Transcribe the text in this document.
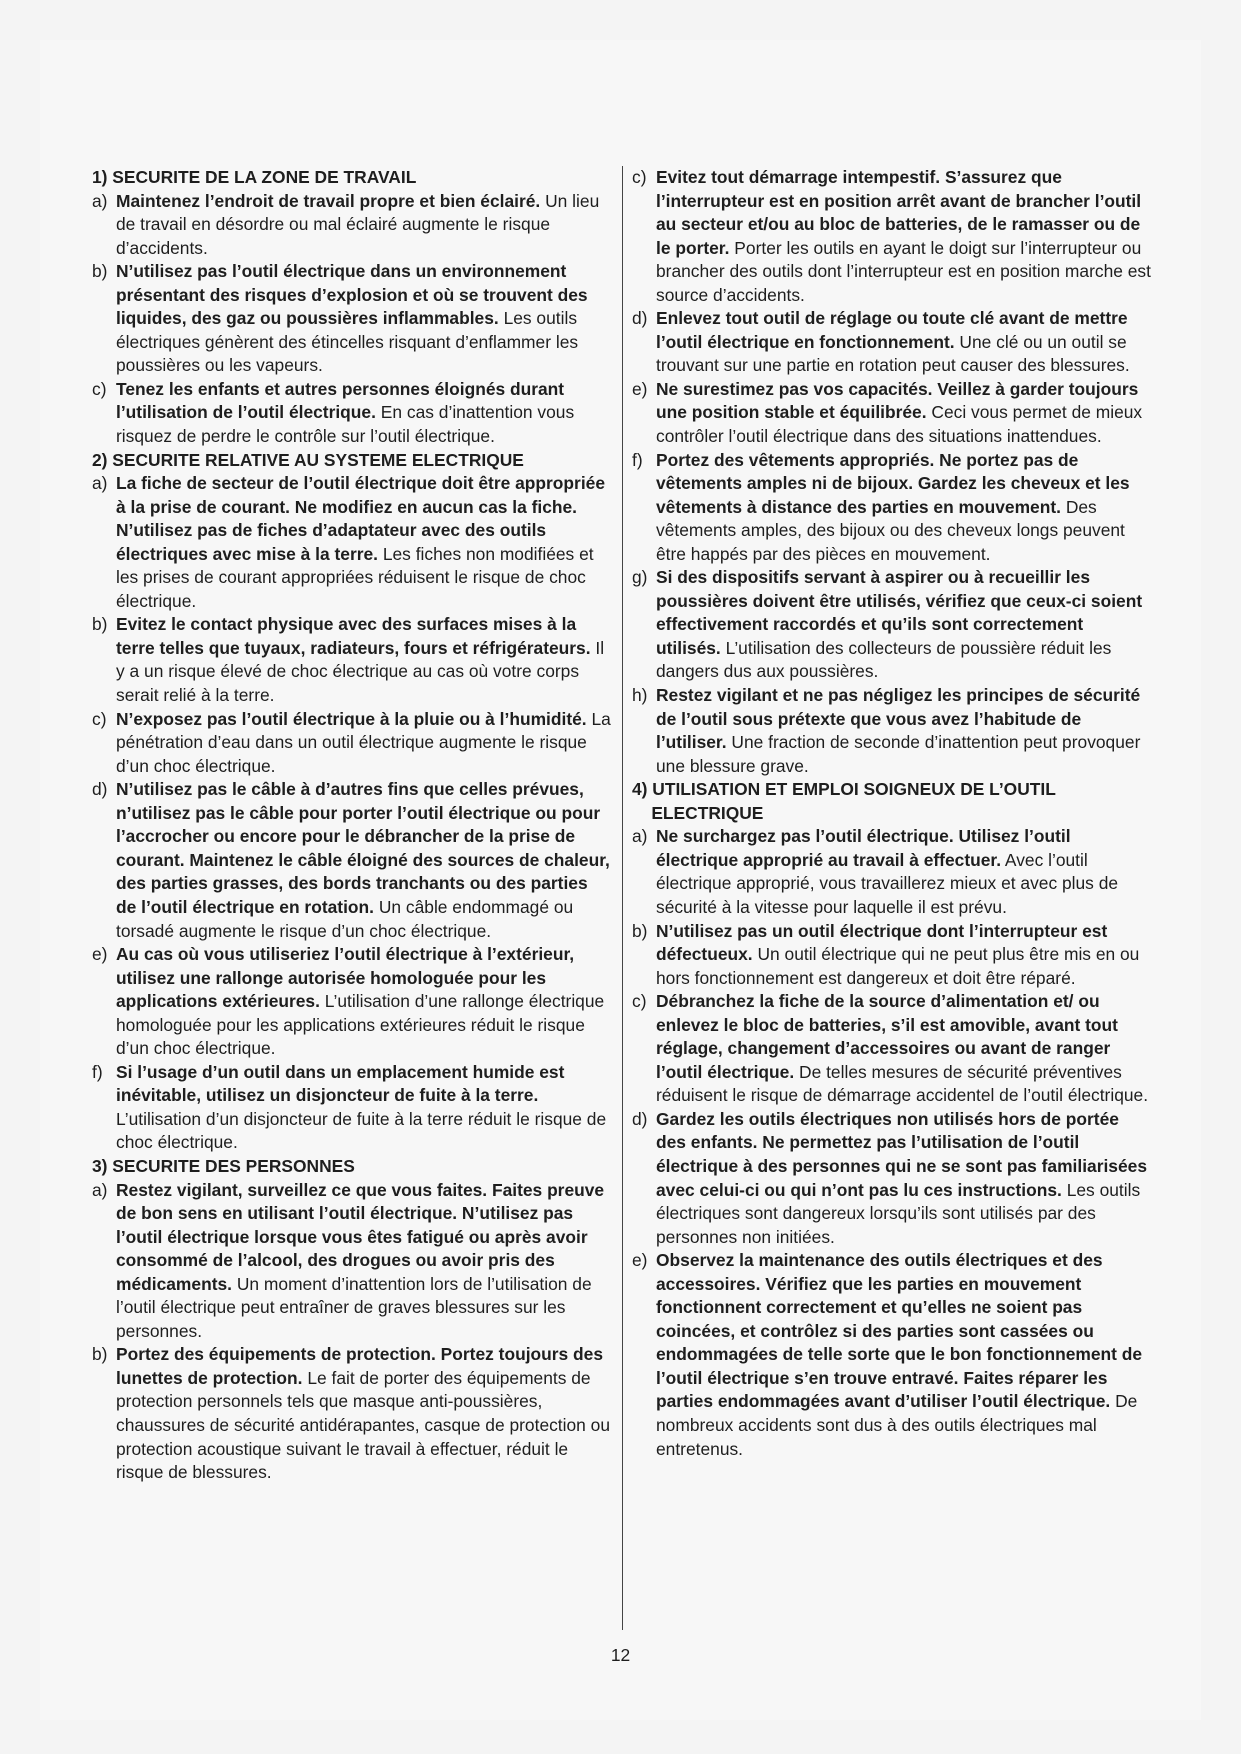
1) SECURITE DE LA ZONE DE TRAVAIL
a) Maintenez l’endroit de travail propre et bien éclairé. Un lieu de travail en désordre ou mal éclairé augmente le risque d’accidents.
b) N’utilisez pas l’outil électrique dans un environnement présentant des risques d’explosion et où se trouvent des liquides, des gaz ou poussières inflammables. Les outils électriques génèrent des étincelles risquant d’enflammer les poussières ou les vapeurs.
c) Tenez les enfants et autres personnes éloignés durant l’utilisation de l’outil électrique. En cas d’inattention vous risquez de perdre le contrôle sur l’outil électrique.
2) SECURITE RELATIVE AU SYSTEME ELECTRIQUE
a) La fiche de secteur de l’outil électrique doit être appropriée à la prise de courant. Ne modifiez en aucun cas la fiche. N’utilisez pas de fiches d’adaptateur avec des outils électriques avec mise à la terre. Les fiches non modifiées et les prises de courant appropriées réduisent le risque de choc électrique.
b) Evitez le contact physique avec des surfaces mises à la terre telles que tuyaux, radiateurs, fours et réfrigérateurs. Il y a un risque élevé de choc électrique au cas où votre corps serait relié à la terre.
c) N’exposez pas l’outil électrique à la pluie ou à l’humidité. La pénétration d’eau dans un outil électrique augmente le risque d’un choc électrique.
d) N’utilisez pas le câble à d’autres fins que celles prévues, n’utilisez pas le câble pour porter l’outil électrique ou pour l’accrocher ou encore pour le débrancher de la prise de courant. Maintenez le câble éloigné des sources de chaleur, des parties grasses, des bords tranchants ou des parties de l’outil électrique en rotation. Un câble endommagé ou torsadé augmente le risque d’un choc électrique.
e) Au cas où vous utiliseriez l’outil électrique à l’extérieur, utilisez une rallonge autorisée homologuée pour les applications extérieures. L’utilisation d’une rallonge électrique homologuée pour les applications extérieures réduit le risque d’un choc électrique.
f) Si l’usage d’un outil dans un emplacement humide est inévitable, utilisez un disjoncteur de fuite à la terre. L’utilisation d’un disjoncteur de fuite à la terre réduit le risque de choc électrique.
3) SECURITE DES PERSONNES
a) Restez vigilant, surveillez ce que vous faites. Faites preuve de bon sens en utilisant l’outil électrique. N’utilisez pas l’outil électrique lorsque vous êtes fatigué ou après avoir consommé de l’alcool, des drogues ou avoir pris des médicaments. Un moment d’inattention lors de l’utilisation de l’outil électrique peut entraîner de graves blessures sur les personnes.
b) Portez des équipements de protection. Portez toujours des lunettes de protection. Le fait de porter des équipements de protection personnels tels que masque anti-poussières, chaussures de sécurité antidérapantes, casque de protection ou protection acoustique suivant le travail à effectuer, réduit le risque de blessures.
c) Evitez tout démarrage intempestif. S’assurez que l’interrupteur est en position arrêt avant de brancher l’outil au secteur et/ou au bloc de batteries, de le ramasser ou de le porter. Porter les outils en ayant le doigt sur l’interrupteur ou brancher des outils dont l’interrupteur est en position marche est source d’accidents.
d) Enlevez tout outil de réglage ou toute clé avant de mettre l’outil électrique en fonctionnement. Une clé ou un outil se trouvant sur une partie en rotation peut causer des blessures.
e) Ne surestimez pas vos capacités. Veillez à garder toujours une position stable et équilibrée. Ceci vous permet de mieux contrôler l’outil électrique dans des situations inattendues.
f) Portez des vêtements appropriés. Ne portez pas de vêtements amples ni de bijoux. Gardez les cheveux et les vêtements à distance des parties en mouvement. Des vêtements amples, des bijoux ou des cheveux longs peuvent être happés par des pièces en mouvement.
g) Si des dispositifs servant à aspirer ou à recueillir les poussières doivent être utilisés, vérifiez que ceux-ci soient effectivement raccordés et qu’ils sont correctement utilisés. L’utilisation des collecteurs de poussière réduit les dangers dus aux poussières.
h) Restez vigilant et ne pas négligez les principes de sécurité de l’outil sous prétexte que vous avez l’habitude de l’utiliser. Une fraction de seconde d’inattention peut provoquer une blessure grave.
4) UTILISATION ET EMPLOI SOIGNEUX DE L’OUTIL
ELECTRIQUE
a) Ne surchargez pas l’outil électrique. Utilisez l’outil électrique approprié au travail à effectuer. Avec l’outil électrique approprié, vous travaillerez mieux et avec plus de sécurité à la vitesse pour laquelle il est prévu.
b) N’utilisez pas un outil électrique dont l’interrupteur est défectueux. Un outil électrique qui ne peut plus être mis en ou hors fonctionnement est dangereux et doit être réparé.
c) Débranchez la fiche de la source d’alimentation et/ ou enlevez le bloc de batteries, s’il est amovible, avant tout réglage, changement d’accessoires ou avant de ranger l’outil électrique. De telles mesures de sécurité préventives réduisent le risque de démarrage accidentel de l’outil électrique.
d) Gardez les outils électriques non utilisés hors de portée des enfants. Ne permettez pas l’utilisation de l’outil électrique à des personnes qui ne se sont pas familiarisées avec celui-ci ou qui n’ont pas lu ces instructions. Les outils électriques sont dangereux lorsqu’ils sont utilisés par des personnes non initiées.
e) Observez la maintenance des outils électriques et des accessoires. Vérifiez que les parties en mouvement fonctionnent correctement et qu’elles ne soient pas coincées, et contrôlez si des parties sont cassées ou endommagées de telle sorte que le bon fonctionnement de l’outil électrique s’en trouve entravé. Faites réparer les parties endommagées avant d’utiliser l’outil électrique. De nombreux accidents sont dus à des outils électriques mal entretenus.
12
